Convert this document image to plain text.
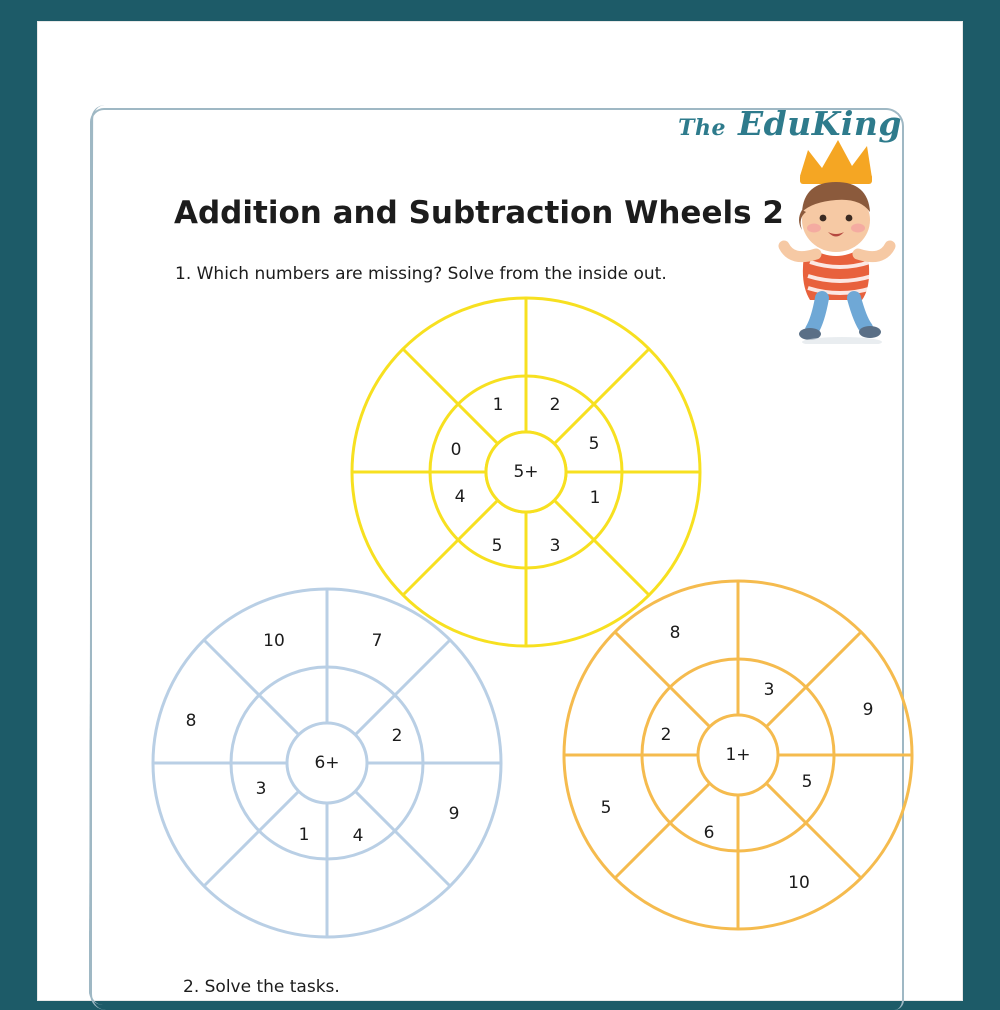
The EduKing
Addition and Subtraction Wheels 2
1. Which numbers are missing? Solve from the inside out.
5+
1	2
5
1
3
5
4
0
6+
10	7
8
2
3
9
1	4
1+
8
3
9
2
5
5
6
10
2. Solve the tasks.
